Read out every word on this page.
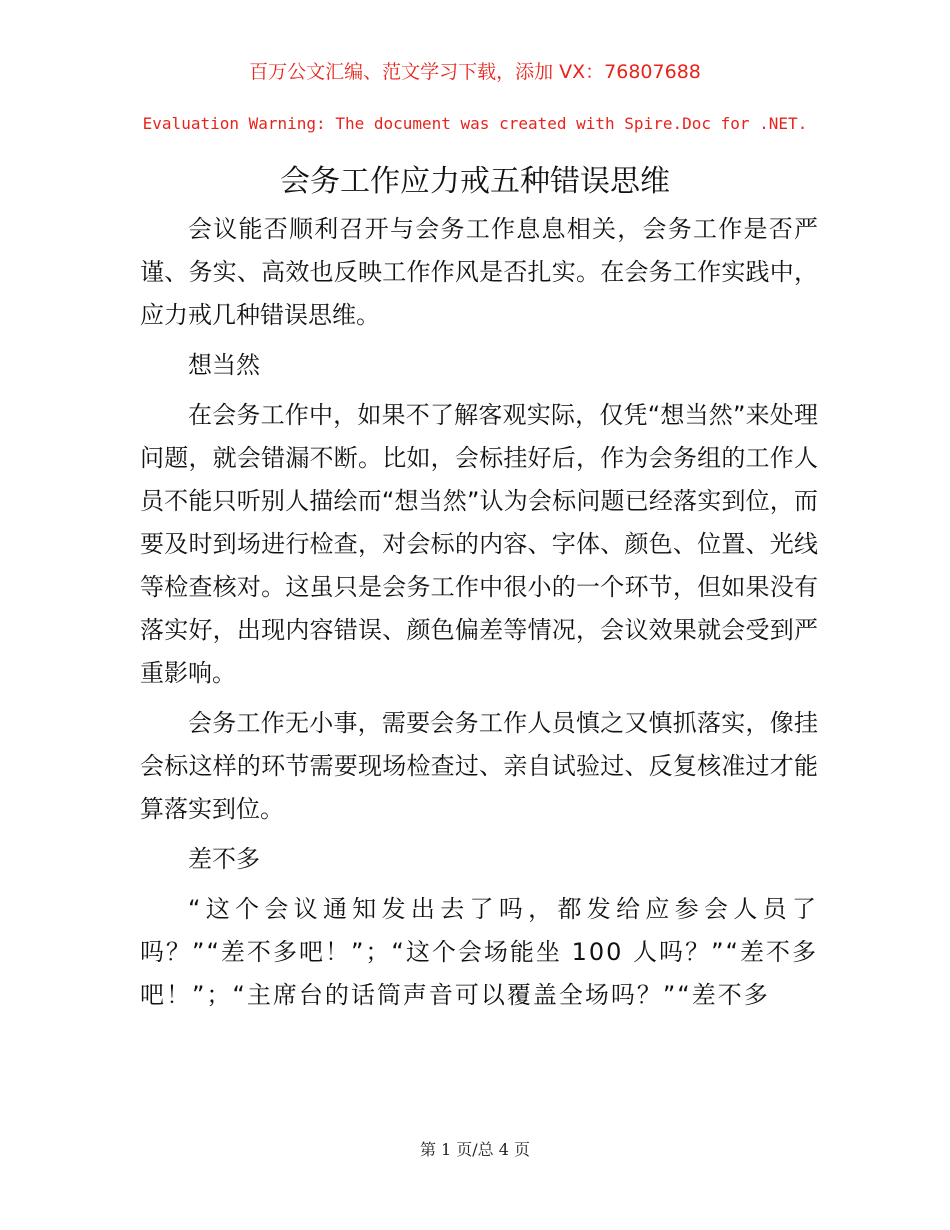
百万公文汇编、范文学习下载，添加 VX：76807688
Evaluation Warning: The document was created with Spire.Doc for .NET.
会务工作应力戒五种错误思维

会议能否顺利召开与会务工作息息相关，会务工作是否严谨、务实、高效也反映工作作风是否扎实。在会务工作实践中，应力戒几种错误思维。

想当然

在会务工作中，如果不了解客观实际，仅凭“想当然”来处理问题，就会错漏不断。比如，会标挂好后，作为会务组的工作人员不能只听别人描绘而“想当然”认为会标问题已经落实到位，而要及时到场进行检查，对会标的内容、字体、颜色、位置、光线等检查核对。这虽只是会务工作中很小的一个环节，但如果没有落实好，出现内容错误、颜色偏差等情况，会议效果就会受到严重影响。

会务工作无小事，需要会务工作人员慎之又慎抓落实，像挂会标这样的环节需要现场检查过、亲自试验过、反复核准过才能算落实到位。

差不多

“这个会议通知发出去了吗，都发给应参会人员了吗？”“差不多吧！”；“这个会场能坐 100 人吗？”“差不多吧！”；“主席台的话筒声音可以覆盖全场吗？”“差不多

第 1 页/总 4 页
